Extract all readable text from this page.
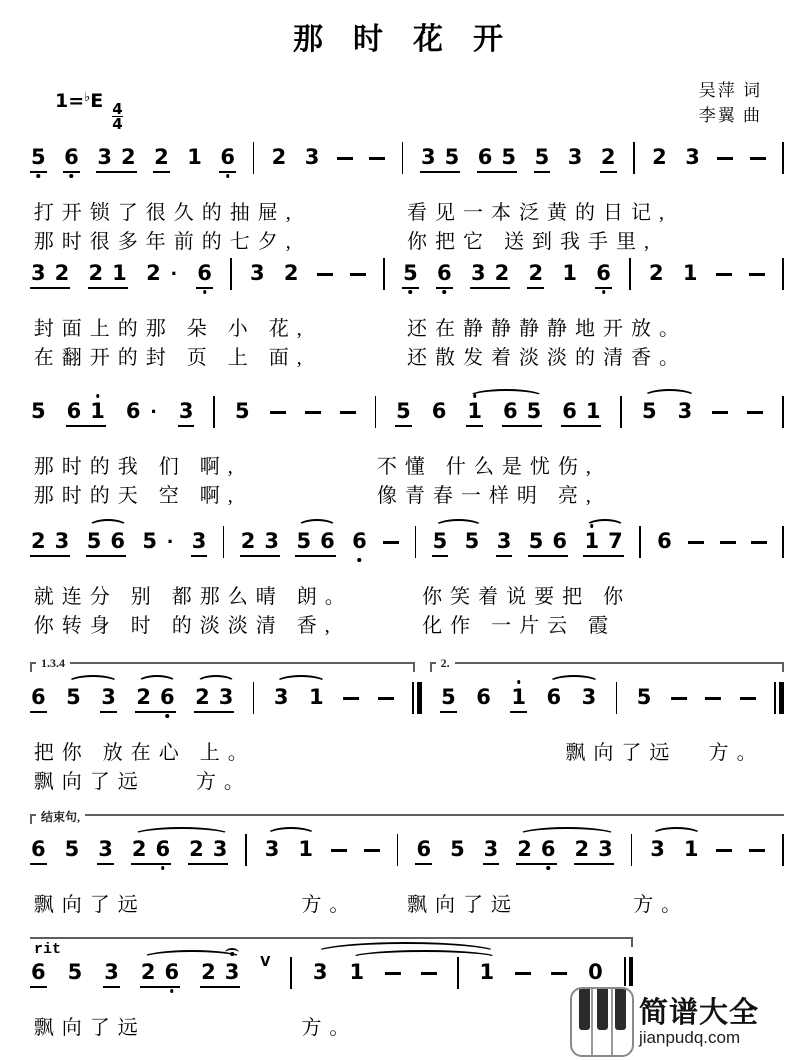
那时花开
1=♭E
$\frac{4}{4}$
吴萍 词
李翼 曲
5 6 3 2 2 1 6 2 3	3 5 6 5 5 3 2 2 3
打开锁了很久的抽屉,	看见一本泛黄的日记,
那时很多年前的七夕,	你把它 送到我手里,
3 2 2 1 2 · 6 3 2	5 6 3 2 2 1 6 2 1
封面上的那 朵 小 花,	还在静静静静地开放。
在翻开的封 页 上 面,	还散发着淡淡的清香。
5 6 1 6 · 3 5	5 6 1 6 5 6 1 5 3
那时的我 们 啊,	不懂 什么是忧伤,
那时的天 空 啊,	像青春一样明 亮,
2 3 5 6 5 · 3 2 3 5 6 6	5 5 3 5 6 1 7 6
就连分 别 都那么晴 朗。	你笑着说要把 你
你转身 时 的淡淡清 香,	化作 一片云 霞
1.3.4	2.
6 5 3 2 6 2 3 3 1	5 6 1 6 3 5
把你 放在心 上。	飘向了远 方。
飘向了远	方。
结束句,
6 5 3 2 6 2 3 3 1	6 5 3 2 6 2 3 3 1
飘向了远	方。 飘向了远	方。
rit
6 5 3 2 6 2 3 V 3 1	1	0
飘向了远	方。	简谱大全
jianpudq.com
